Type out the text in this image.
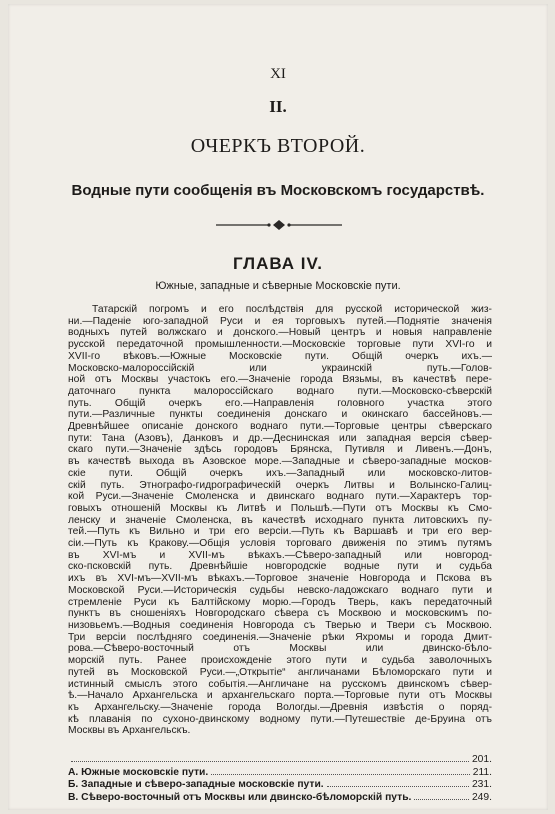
XI
II.
ОЧЕРКЪ ВТОРОЙ.
Водные пути сообщенія въ Московскомъ государствѣ.
ГЛАВА IV.
Южные, западные и сѣверные Московскіе пути.
Татарскій погромъ и его послѣдствія для русской исторической жиз-
ни.—Паденіе юго-западной Руси и ея торговыхъ путей.—Поднятіе значенія
водныхъ путей волжскаго и донского.—Новый центръ и новыя направленіе
русской передаточной промышленности.—Московскіе торговые пути XVI-го и
XVII-го вѣковъ.—Южные Московскіе пути. Общій очеркъ ихъ.—
Московско-малороссійскій или украинскій путь.—Голов-
ной отъ Москвы участокъ его.—Значеніе города Вязьмы, въ качествѣ пере-
даточнаго пункта малороссійскаго воднаго пути.—Московско-сѣверскій
путь. Общій очеркъ его.—Направленія головного участка этого
пути.—Различные пункты соединенія донскаго и окинскаго бассейновъ.—
Древнѣйшее описаніе донского воднаго пути.—Торговые центры сѣверскаго
пути: Тана (Азовъ), Данковъ и др.—Деснинская или западная версія сѣвер-
скаго пути.—Значеніе здѣсь городовъ Брянска, Путивля и Ливенъ.—Донъ,
въ качествѣ выхода въ Азовское море.—Западные и сѣверо-западные москов-
скіе пути. Общій очеркъ ихъ.—Западный или московско-литов-
скій путь. Этнографо-гидрографическій очеркъ Литвы и Волынско-Галиц-
кой Руси.—Значеніе Смоленска и двинскаго воднаго пути.—Характеръ тор-
говыхъ отношеній Москвы къ Литвѣ и Польшѣ.—Пути отъ Москвы къ Смо-
ленску и значеніе Смоленска, въ качествѣ исходнаго пункта литовскихъ пу-
тей.—Путь къ Вильно и три его версіи.—Путь къ Варшавѣ и три его вер-
сіи.—Путь къ Кракову.—Общія условія торговаго движенія по этимъ путямъ
въ XVI-мъ и XVII-мъ вѣкахъ.—Сѣверо-западный или новгород-
ско-псковскій путь. Древнѣйшіе новгородскіе водные пути и судьба
ихъ въ XVI-мъ—XVII-мъ вѣкахъ.—Торговое значеніе Новгорода и Пскова въ
Московской Руси.—Историческія судьбы невско-ладожскаго воднаго пути и
стремленіе Руси къ Балтійскому морю.—Городъ Тверь, какъ передаточный
пунктъ въ сношеніяхъ Новгородскаго сѣвера съ Москвою и московскимъ по-
низовьемъ.—Водныя соединенія Новгорода съ Тверью и Твери съ Москвою.
Три версіи послѣдняго соединенія.—Значеніе рѣки Яхромы и города Дмит-
рова.—Сѣверо-восточный отъ Москвы или двинско-бѣло-
морскій путь. Ранее происхожденіе этого пути и судьба заволочныхъ
путей въ Московской Руси.—„Открытіе“ англичанами Бѣломорскаго пути и
истинный смыслъ этого событія.—Англичане на русскомъ двинскомъ сѣвер-
ѣ.—Начало Архангельска и архангельскаго порта.—Торговые пути отъ Москвы
къ Архангельску.—Значеніе города Вологды.—Древнія извѣстія о поряд-
кѣ плаванія по сухоно-двинскому водному пути.—Путешествіе де-Бруина отъ
Москвы въ Архангельскъ.
201.
А. Южные московскіе пути.	211.
Б. Западные и сѣверо-западные московскіе пути.	231.
В. Сѣверо-восточный отъ Москвы или двинско-бѣломорскій путь.	249.
